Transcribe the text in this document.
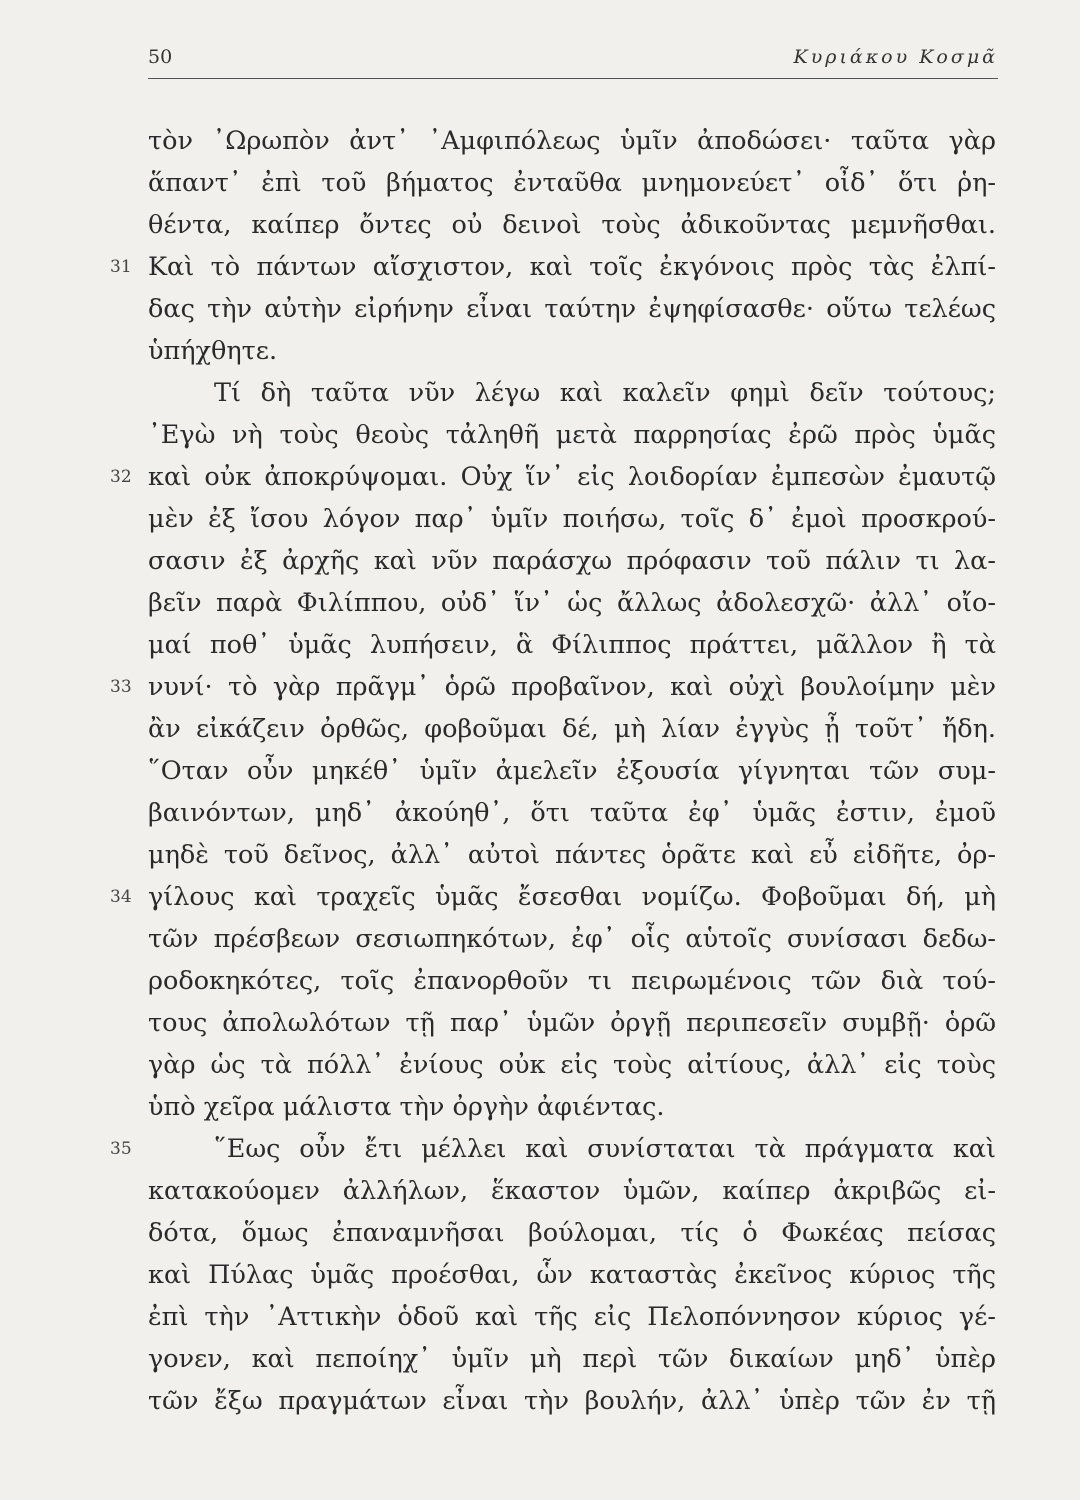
50	Κυριάκου Κοσμᾶ
τὸν ᾿Ωρωπὸν ἀντ᾿ ᾿Αμφιπόλεως ὑμῖν ἀποδώσει· ταῦτα γὰρ
ἅπαντ᾿ ἐπὶ τοῦ βήματος ἐνταῦθα μνημονεύετ᾿ οἶδ᾿ ὅτι ῥη-
θέντα, καίπερ ὄντες οὐ δεινοὶ τοὺς ἀδικοῦντας μεμνῆσθαι.
Καὶ τὸ πάντων αἴσχιστον, καὶ τοῖς ἐκγόνοις πρὸς τὰς ἐλπί-
δας τὴν αὐτὴν εἰρήνην εἶναι ταύτην ἐψηφίσασθε· οὕτω τελέως
ὑπήχθητε.
Τί δὴ ταῦτα νῦν λέγω καὶ καλεῖν φημὶ δεῖν τούτους;
᾿Εγὼ νὴ τοὺς θεοὺς τἀληθῆ μετὰ παρρησίας ἐρῶ πρὸς ὑμᾶς
καὶ οὐκ ἀποκρύψομαι. Οὐχ ἵν᾿ εἰς λοιδορίαν ἐμπεσὼν ἐμαυτῷ
μὲν ἐξ ἴσου λόγον παρ᾿ ὑμῖν ποιήσω, τοῖς δ᾿ ἐμοὶ προσκρού-
σασιν ἐξ ἀρχῆς καὶ νῦν παράσχω πρόφασιν τοῦ πάλιν τι λα-
βεῖν παρὰ Φιλίππου, οὐδ᾿ ἵν᾿ ὡς ἄλλως ἀδολεσχῶ· ἀλλ᾿ οἴο-
μαί ποθ᾿ ὑμᾶς λυπήσειν, ἃ Φίλιππος πράττει, μᾶλλον ἢ τὰ
νυνί· τὸ γὰρ πρᾶγμ᾿ ὁρῶ προβαῖνον, καὶ οὐχὶ βουλοίμην μὲν
ἂν εἰκάζειν ὀρθῶς, φοβοῦμαι δέ, μὴ λίαν ἐγγὺς ᾖ τοῦτ᾿ ἤδη.
῞Οταν οὖν μηκέθ᾿ ὑμῖν ἀμελεῖν ἐξουσία γίγνηται τῶν συμ-
βαινόντων, μηδ᾿ ἀκούηθ᾿, ὅτι ταῦτα ἐφ᾿ ὑμᾶς ἐστιν, ἐμοῦ
μηδὲ τοῦ δεῖνος, ἀλλ᾿ αὐτοὶ πάντες ὁρᾶτε καὶ εὖ εἰδῆτε, ὀρ-
γίλους καὶ τραχεῖς ὑμᾶς ἔσεσθαι νομίζω. Φοβοῦμαι δή, μὴ
τῶν πρέσβεων σεσιωπηκότων, ἐφ᾿ οἷς αὑτοῖς συνίσασι δεδω-
ροδοκηκότες, τοῖς ἐπανορθοῦν τι πειρωμένοις τῶν διὰ τού-
τους ἀπολωλότων τῇ παρ᾿ ὑμῶν ὀργῇ περιπεσεῖν συμβῇ· ὁρῶ
γὰρ ὡς τὰ πόλλ᾿ ἐνίους οὐκ εἰς τοὺς αἰτίους, ἀλλ᾿ εἰς τοὺς
ὑπὸ χεῖρα μάλιστα τὴν ὀργὴν ἀφιέντας.
῞Εως οὖν ἔτι μέλλει καὶ συνίσταται τὰ πράγματα καὶ
κατακούομεν ἀλλήλων, ἕκαστον ὑμῶν, καίπερ ἀκριβῶς εἰ-
δότα, ὅμως ἐπαναμνῆσαι βούλομαι, τίς ὁ Φωκέας πείσας
καὶ Πύλας ὑμᾶς προέσθαι, ὧν καταστὰς ἐκεῖνος κύριος τῆς
ἐπὶ τὴν ᾿Αττικὴν ὁδοῦ καὶ τῆς εἰς Πελοπόννησον κύριος γέ-
γονεν, καὶ πεποίηχ᾿ ὑμῖν μὴ περὶ τῶν δικαίων μηδ᾿ ὑπὲρ
τῶν ἔξω πραγμάτων εἶναι τὴν βουλήν, ἀλλ᾿ ὑπὲρ τῶν ἐν τῇ
31
32
33
34
35
